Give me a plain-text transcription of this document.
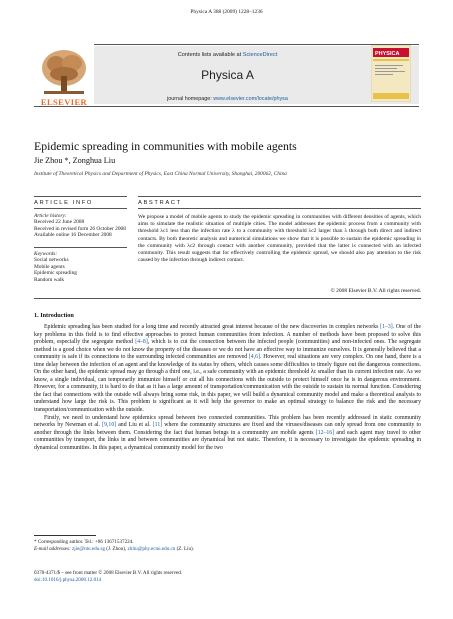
Physica A 388 (2009) 1228–1236
ELSEVIER
Contents lists available at ScienceDirect
Physica A
journal homepage: www.elsevier.com/locate/physa
PHYSICA
Epidemic spreading in communities with mobile agents
Jie Zhou *, Zonghua Liu
Institute of Theoretical Physics and Department of Physics, East China Normal University, Shanghai, 200062, China
ARTICLE INFO	ABSTRACT
Article history:
Received 22 June 2008
Received in revised form 26 October 2008
Available online 16 December 2008
Keywords:
Social networks
Mobile agents
Epidemic spreading
Random walk
We propose a model of mobile agents to study the epidemic spreading in communities with different densities of agents, which aims to simulate the realistic situation of multiple cities. The model addresses the epidemic process from a community with threshold λc1 less than the infection rate λ to a community with threshold λc2 larger than λ through both direct and indirect contacts. By both theoretic analysis and numerical simulations we show that it is possible to sustain the epidemic spreading in the community with λc2 through contact with another community, provided that the latter is connected with an infected community. This result suggests that for effectively controlling the epidemic spread, we should also pay attention to the risk caused by the infection through indirect contact.
© 2008 Elsevier B.V. All rights reserved.
1. Introduction

Epidemic spreading has been studied for a long time and recently attracted great interest because of the new discoveries in complex networks [1–3]. One of the key problems in this field is to find effective approaches to protect human communities from infection. A number of methods have been proposed to solve this problem, especially the segregate method [4–8], which is to cut the connection between the infected people (communities) and non-infected ones. The segregate method is a good choice when we do not know the property of the diseases or we do not have an effective way to immunize ourselves. It is generally believed that a community is safe if its connections to the surrounding infected communities are removed [4,6]. However, real situations are very complex. On one hand, there is a time delay between the infection of an agent and the knowledge of its status by others, which causes some difficulties to timely figure out the dangerous connections. On the other hand, the epidemic spread may go through a third one, i.e., a safe community with an epidemic threshold λc smaller than its current infection rate. As we know, a single individual, can temporarily immunize himself or cut all his connections with the outside to protect himself once he is in dangerous environment. However, for a community, it is hard to do that as it has a large amount of transportation/communication with the outside to sustain its normal function. Considering the fact that connections with the outside will always bring some risk, in this paper, we will build a dynamical community model and make a theoretical analysis to understand how large the risk is. This problem is significant as it will help the governor to make an optimal strategy to balance the risk and the necessary transportation/communication with the outside.

Firstly, we need to understand how epidemics spread between two connected communities. This problem has been recently addressed in static community networks by Newman et al. [9,10] and Liu et al. [11] where the community structures are fixed and the viruses/diseases can only spread from one community to another through the links between them. Considering the fact that human beings in a community are mobile agents [12–16] and each agent may travel to other communities by transport, the links in and between communities are dynamical but not static. Therefore, it is necessary to investigate the epidemic spreading in dynamical communities. In this paper, a dynamical community model for the two

* Corresponding author. Tel.: +86 13671537224.
E-mail addresses: zjie@ntu.edu.sg (J. Zhou), zhliu@phy.ecnu.edu.cn (Z. Liu).
0378-4371/$ – see front matter © 2008 Elsevier B.V. All rights reserved.
doi:10.1016/j.physa.2008.12.014
